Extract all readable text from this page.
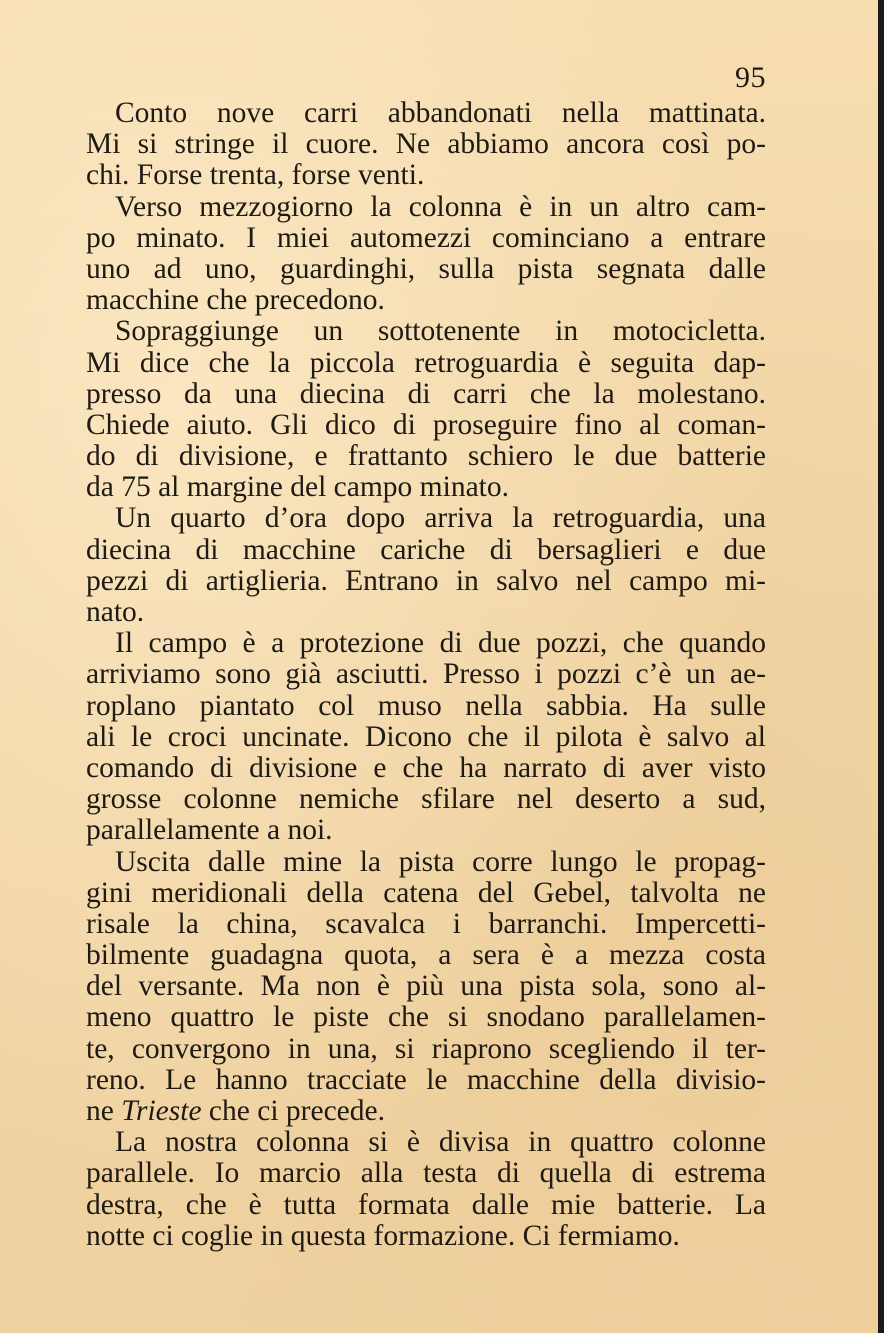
95

Conto nove carri abbandonati nella mattinata.
Mi si stringe il cuore. Ne abbiamo ancora così po-
chi. Forse trenta, forse venti.

Verso mezzogiorno la colonna è in un altro cam-
po minato. I miei automezzi cominciano a entrare
uno ad uno, guardinghi, sulla pista segnata dalle
macchine che precedono.

Sopraggiunge un sottotenente in motocicletta.
Mi dice che la piccola retroguardia è seguita dap-
presso da una diecina di carri che la molestano.
Chiede aiuto. Gli dico di proseguire fino al coman-
do di divisione, e frattanto schiero le due batterie
da 75 al margine del campo minato.

Un quarto d’ora dopo arriva la retroguardia, una
diecina di macchine cariche di bersaglieri e due
pezzi di artiglieria. Entrano in salvo nel campo mi-
nato.

Il campo è a protezione di due pozzi, che quando
arriviamo sono già asciutti. Presso i pozzi c’è un ae-
roplano piantato col muso nella sabbia. Ha sulle
ali le croci uncinate. Dicono che il pilota è salvo al
comando di divisione e che ha narrato di aver visto
grosse colonne nemiche sfilare nel deserto a sud,
parallelamente a noi.

Uscita dalle mine la pista corre lungo le propag-
gini meridionali della catena del Gebel, talvolta ne
risale la china, scavalca i barranchi. Impercetti-
bilmente guadagna quota, a sera è a mezza costa
del versante. Ma non è più una pista sola, sono al-
meno quattro le piste che si snodano parallelamen-
te, convergono in una, si riaprono scegliendo il ter-
reno. Le hanno tracciate le macchine della divisio-
ne Trieste che ci precede.

La nostra colonna si è divisa in quattro colonne
parallele. Io marcio alla testa di quella di estrema
destra, che è tutta formata dalle mie batterie. La
notte ci coglie in questa formazione. Ci fermiamo.
